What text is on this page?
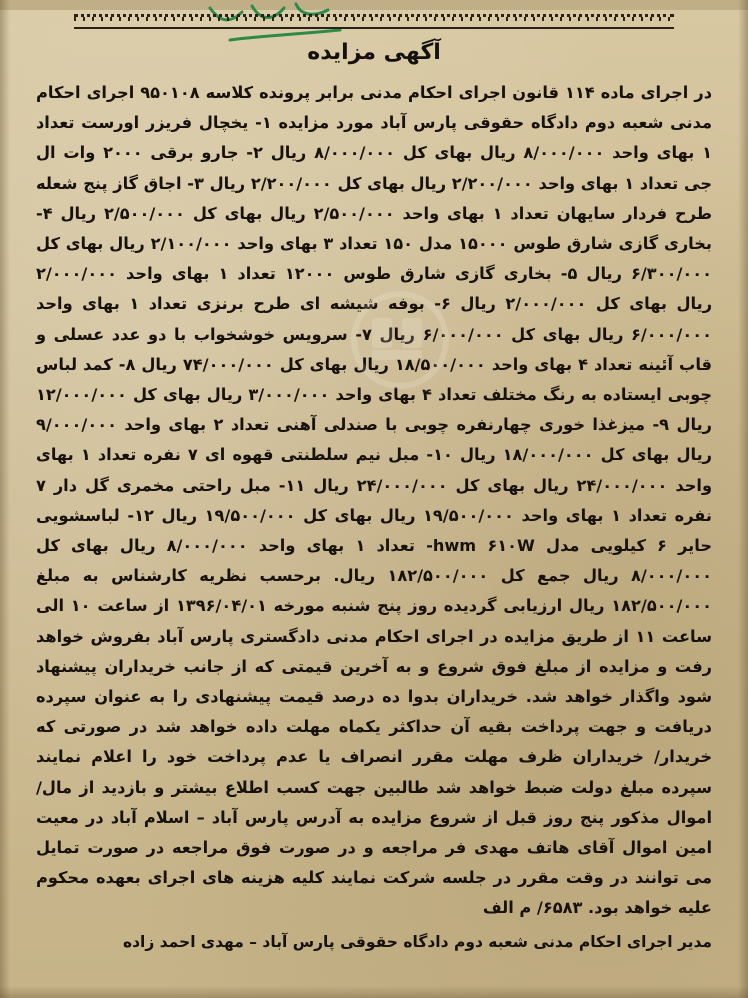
آگهی مزایده

در اجرای ماده ۱۱۴ قانون اجرای احکام مدنی برابر پرونده کلاسه ۹۵۰۱۰۸ اجرای احکام مدنی شعبه دوم دادگاه حقوقی پارس آباد مورد مزایده ۱- یخچال فریزر اورست تعداد ۱ بهای واحد ۸/۰۰۰/۰۰۰ ریال بهای کل ۸/۰۰۰/۰۰۰ ریال ۲- جارو برقی ۲۰۰۰ وات ال جی تعداد ۱ بهای واحد ۲/۲۰۰/۰۰۰ ریال بهای کل ۲/۲۰۰/۰۰۰ ریال ۳- اجاق گاز پنج شعله طرح فردار سایهان تعداد ۱ بهای واحد ۲/۵۰۰/۰۰۰ ریال بهای کل ۲/۵۰۰/۰۰۰ ریال ۴- بخاری گازی شارق طوس ۱۵۰۰۰ مدل ۱۵۰ تعداد ۳ بهای واحد ۲/۱۰۰/۰۰۰ ریال بهای کل ۶/۳۰۰/۰۰۰ ریال ۵- بخاری گازی شارق طوس ۱۲۰۰۰ تعداد ۱ بهای واحد ۲/۰۰۰/۰۰۰ ریال بهای کل ۲/۰۰۰/۰۰۰ ریال ۶- بوفه شیشه ای طرح برنزی تعداد ۱ بهای واحد ۶/۰۰۰/۰۰۰ ریال بهای کل ۶/۰۰۰/۰۰۰ ریال ۷- سرویس خوشخواب با دو عدد عسلی و قاب آئینه تعداد ۴ بهای واحد ۱۸/۵۰۰/۰۰۰ ریال بهای کل ۷۴/۰۰۰/۰۰۰ ریال ۸- کمد لباس چوبی ایستاده به رنگ مختلف تعداد ۴ بهای واحد ۳/۰۰۰/۰۰۰ ریال بهای کل ۱۲/۰۰۰/۰۰۰ ریال ۹- میزغذا خوری چهارنفره چوبی با صندلی آهنی تعداد ۲ بهای واحد ۹/۰۰۰/۰۰۰ ریال بهای کل ۱۸/۰۰۰/۰۰۰ ریال ۱۰- مبل نیم سلطنتی قهوه ای ۷ نفره تعداد ۱ بهای واحد ۲۴/۰۰۰/۰۰۰ ریال بهای کل ۲۴/۰۰۰/۰۰۰ ریال ۱۱- مبل راحتی مخمری گل دار ۷ نفره تعداد ۱ بهای واحد ۱۹/۵۰۰/۰۰۰ ریال بهای کل ۱۹/۵۰۰/۰۰۰ ریال ۱۲- لباسشویی حایر ۶ کیلویی مدل hwm ۶۱۰W- تعداد ۱ بهای واحد ۸/۰۰۰/۰۰۰ ریال بهای کل ۸/۰۰۰/۰۰۰ ریال جمع کل ۱۸۲/۵۰۰/۰۰۰ ریال. برحسب نظریه کارشناس به مبلغ ۱۸۲/۵۰۰/۰۰۰ ریال ارزیابی گردیده روز پنج شنبه مورخه ۱۳۹۶/۰۴/۰۱ از ساعت ۱۰ الی ساعت ۱۱ از طریق مزایده در اجرای احکام مدنی دادگستری پارس آباد بفروش خواهد رفت و مزایده از مبلغ فوق شروع و به آخرین قیمتی که از جانب خریداران پیشنهاد شود واگذار خواهد شد. خریداران بدوا ده درصد قیمت پیشنهادی را به عنوان سپرده دریافت و جهت پرداخت بقیه آن حداکثر یکماه مهلت داده خواهد شد در صورتی که خریدار/ خریداران ظرف مهلت مقرر انصراف یا عدم پرداخت خود را اعلام نمایند سپرده مبلغ دولت ضبط خواهد شد طالبین جهت کسب اطلاع بیشتر و بازدید از مال/ اموال مذکور پنج روز قبل از شروع مزایده به آدرس پارس آباد – اسلام آباد در معیت امین اموال آقای هاتف مهدی فر مراجعه و در صورت فوق مراجعه در صورت تمایل می توانند در وقت مقرر در جلسه شرکت نمایند کلیه هزینه های اجرای بعهده محکوم علیه خواهد بود. ۶۵۸۳/ م الف

مدیر اجرای احکام مدنی شعبه دوم دادگاه حقوقی پارس آباد – مهدی احمد زاده
